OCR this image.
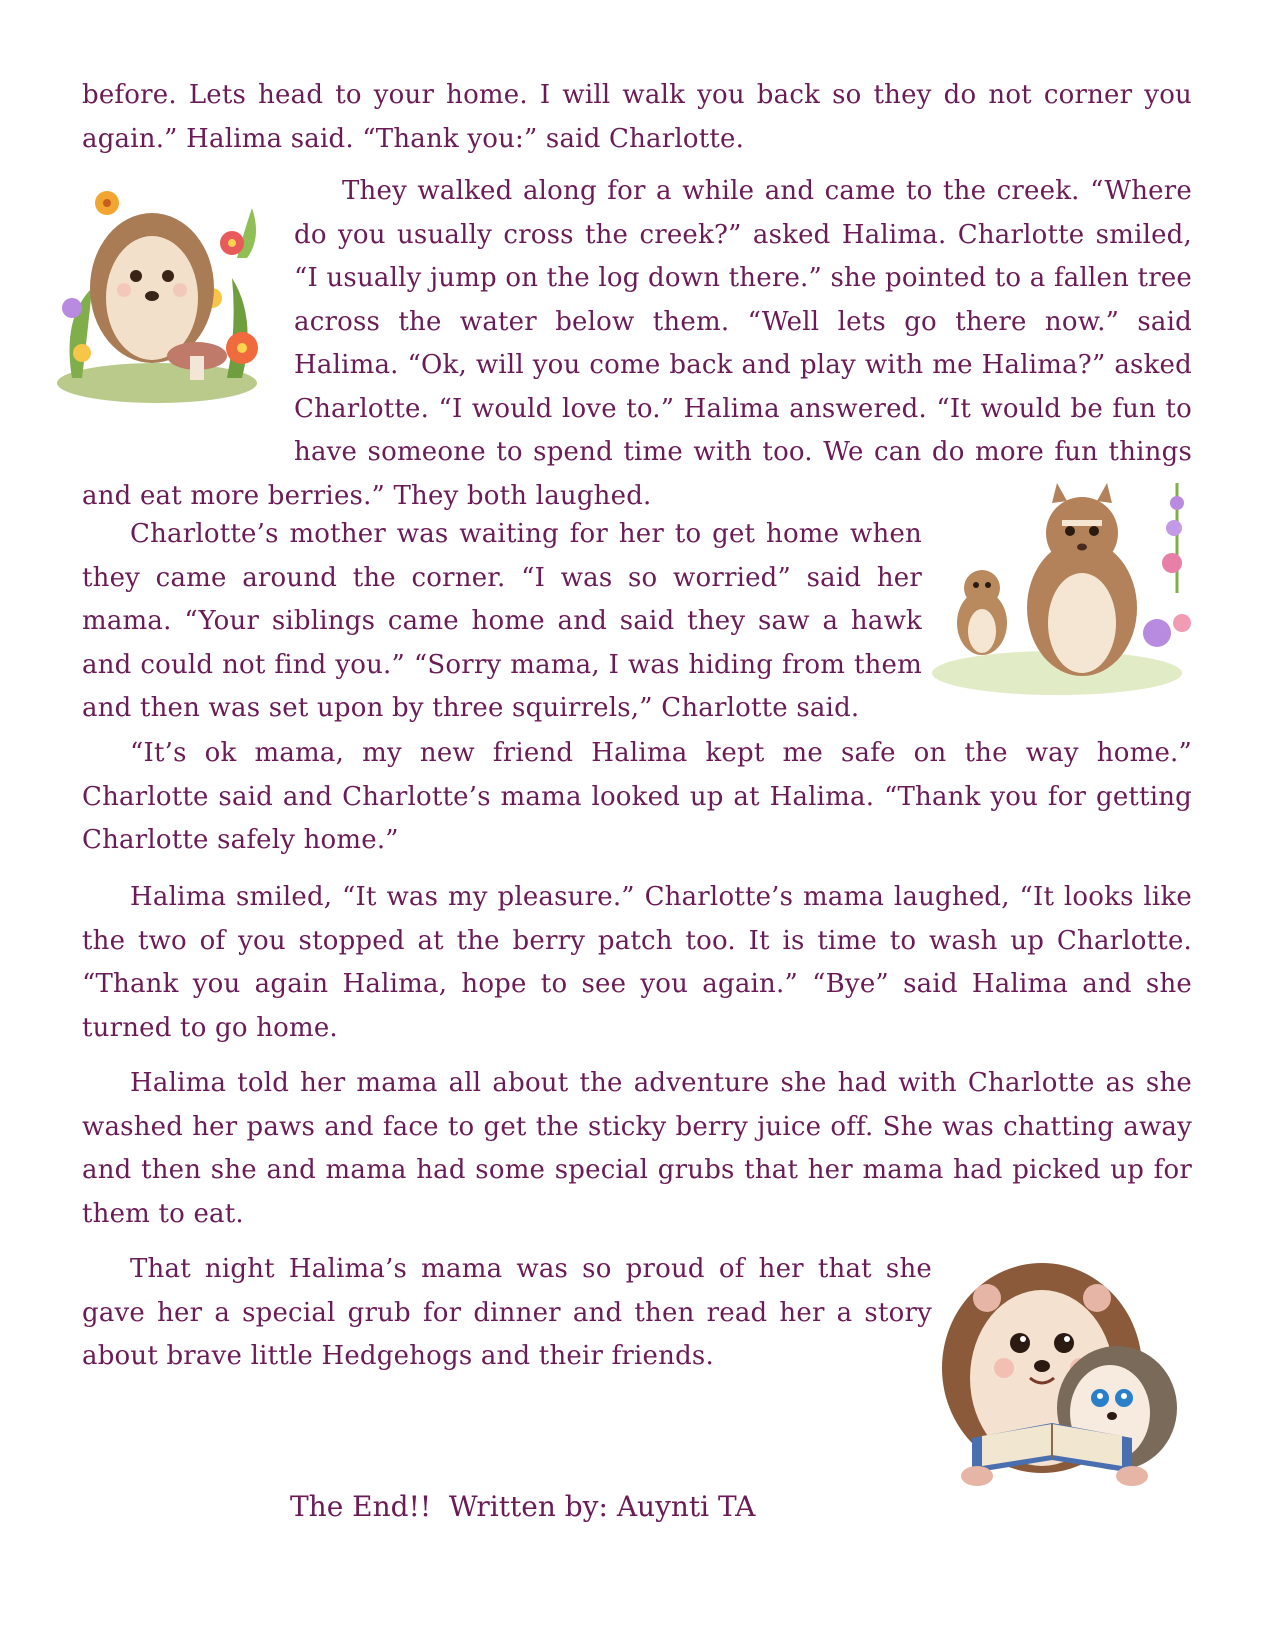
before. Lets head to your home. I will walk you back so they do not corner you again.” Halima said. “Thank you:” said Charlotte.

They walked along for a while and came to the creek. “Where do you usually cross the creek?” asked Halima. Charlotte smiled, “I usually jump on the log down there.” she pointed to a fallen tree across the water below them. “Well lets go there now.” said Halima. “Ok, will you come back and play with me Halima?” asked Charlotte. “I would love to.” Halima answered. “It would be fun to have someone to spend time with too. We can do more fun things and eat more berries.” They both laughed.
Charlotte’s mother was waiting for her to get home when they came around the corner. “I was so worried” said her mama. “Your siblings came home and said they saw a hawk and could not find you.” “Sorry mama, I was hiding from them and then was set upon by three squirrels,” Charlotte said.
“It’s ok mama, my new friend Halima kept me safe on the way home.” Charlotte said and Charlotte’s mama looked up at Halima. “Thank you for getting Charlotte safely home.”
Halima smiled, “It was my pleasure.” Charlotte’s mama laughed, “It looks like the two of you stopped at the berry patch too. It is time to wash up Charlotte. “Thank you again Halima, hope to see you again.” “Bye” said Halima and she turned to go home.
Halima told her mama all about the adventure she had with Charlotte as she washed her paws and face to get the sticky berry juice off. She was chatting away and then she and mama had some special grubs that her mama had picked up for them to eat.
That night Halima’s mama was so proud of her that she gave her a special grub for dinner and then read her a story about brave little Hedgehogs and their friends.
The End!!  Written by: Auynti TA
